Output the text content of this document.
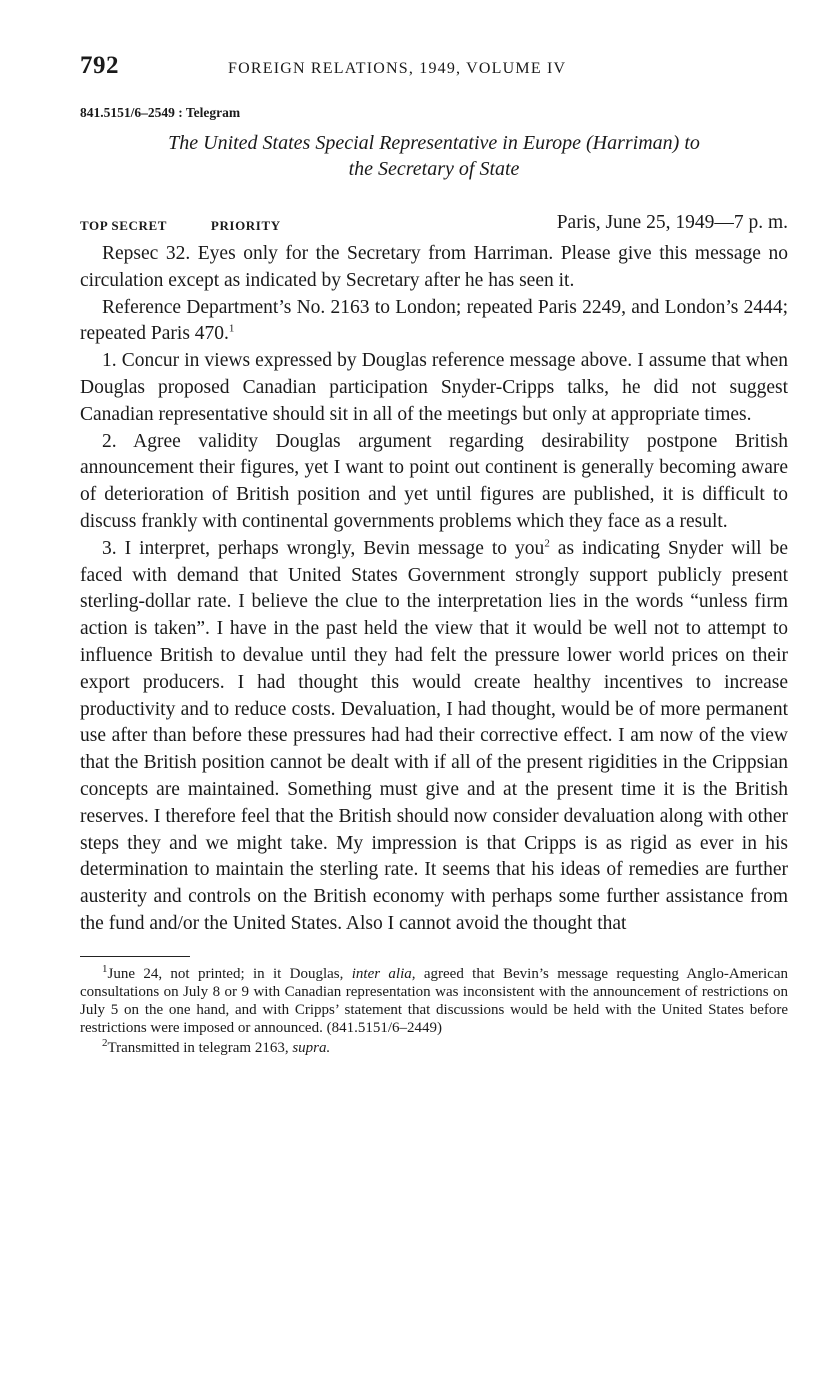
792	FOREIGN RELATIONS, 1949, VOLUME IV
841.5151/6–2549 : Telegram
The United States Special Representative in Europe (Harriman) to
the Secretary of State
TOP SECRET	PRIORITY	Paris, June 25, 1949—7 p. m.

Repsec 32. Eyes only for the Secretary from Harriman. Please give this message no circulation except as indicated by Secretary after he has seen it.

Reference Department’s No. 2163 to London; repeated Paris 2249, and London’s 2444; repeated Paris 470.$^1$

1. Concur in views expressed by Douglas reference message above. I assume that when Douglas proposed Canadian participation Snyder-Cripps talks, he did not suggest Canadian representative should sit in all of the meetings but only at appropriate times.

2. Agree validity Douglas argument regarding desirability postpone British announcement their figures, yet I want to point out continent is generally becoming aware of deterioration of British position and yet until figures are published, it is difficult to discuss frankly with continental governments problems which they face as a result.

3. I interpret, perhaps wrongly, Bevin message to you$^2$ as indicating Snyder will be faced with demand that United States Government strongly support publicly present sterling-dollar rate. I believe the clue to the interpretation lies in the words “unless firm action is taken”. I have in the past held the view that it would be well not to attempt to influence British to devalue until they had felt the pressure lower world prices on their export producers. I had thought this would create healthy incentives to increase productivity and to reduce costs. Devaluation, I had thought, would be of more permanent use after than before these pressures had had their corrective effect. I am now of the view that the British position cannot be dealt with if all of the present rigidities in the Crippsian concepts are maintained. Something must give and at the present time it is the British reserves. I therefore feel that the British should now consider devaluation along with other steps they and we might take. My impression is that Cripps is as rigid as ever in his determination to maintain the sterling rate. It seems that his ideas of remedies are further austerity and controls on the British economy with perhaps some further assistance from the fund and/or the United States. Also I cannot avoid the thought that

$^1$June 24, not printed; in it Douglas, inter alia, agreed that Bevin’s message requesting Anglo-American consultations on July 8 or 9 with Canadian representation was inconsistent with the announcement of restrictions on July 5 on the one hand, and with Cripps’ statement that discussions would be held with the United States before restrictions were imposed or announced. (841.5151/6–2449)

$^2$Transmitted in telegram 2163, supra.
